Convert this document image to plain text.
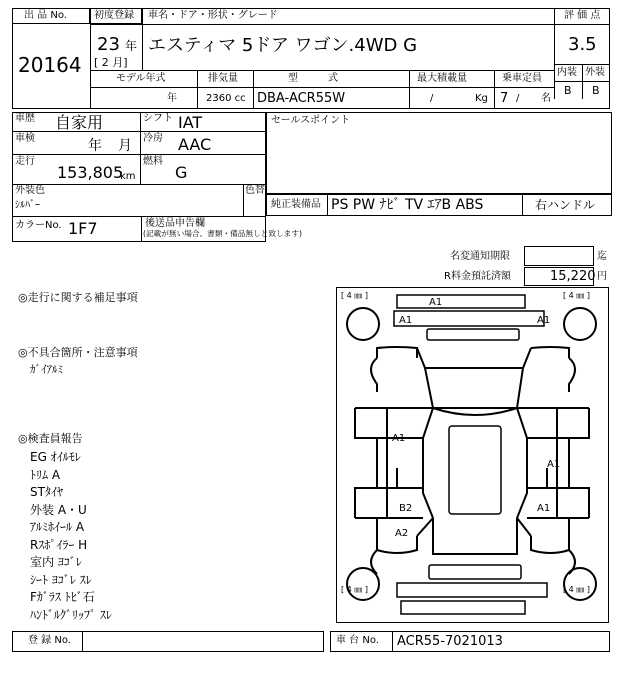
出 品 No.
20164
初度登録
23 年
[ 2 月]
車名・ドア・形状・グレード
エスティマ 5ドア ワゴン.4WD G
評 価 点
3.5
内装 外装
B B
モデル年式	排気量	型　　　式	最大積載量	乗車定員
年	2360 cc DBA-ACR55W	/	Kg 7 / 名
車歴 自家用	シフト IAT
車検	年 月 冷房 AAC
走行
153,805
km
燃料
G
外装色
ｼﾙﾊﾞｰ
色替
カラーNo. 1F7	後送品申告欄
(記載が無い場合、書類・備品無しと致します)
セールスポイント
純正装備品 PS PW ﾅﾋﾞ TV ｴｱB ABS	右ハンドル
名変通知期限	迄
R料金預託済額	15,220 円
◎走行に関する補足事項
◎不具合箇所・注意事項
ｶﾞｲｱﾙﾐ
◎検査員報告
EG ｵｲﾙﾓﾚ
ﾄﾘﾑ A
STﾀｲﾔ
外装 A・U
ｱﾙﾐﾎｲｰﾙ A
Rｽﾎﾟｲﾗｰ H
室内 ﾖｺﾞﾚ
ｼｰﾄ ﾖｺﾞﾚ ｽﾚ
Fｶﾞﾗｽ ﾄﾋﾞ石
ﾊﾝﾄﾞﾙｸﾞﾘｯﾌﾟ ｽﾚ
[ 4 ㎜ ]	[ 4 ㎜ ]
[ 4 ㎜ ]	[ 4 ㎜ ]
A1
A1	A1
A1
A1
A1
B2
A2
登 録 No.	車 台 No. ACR55-7021013
